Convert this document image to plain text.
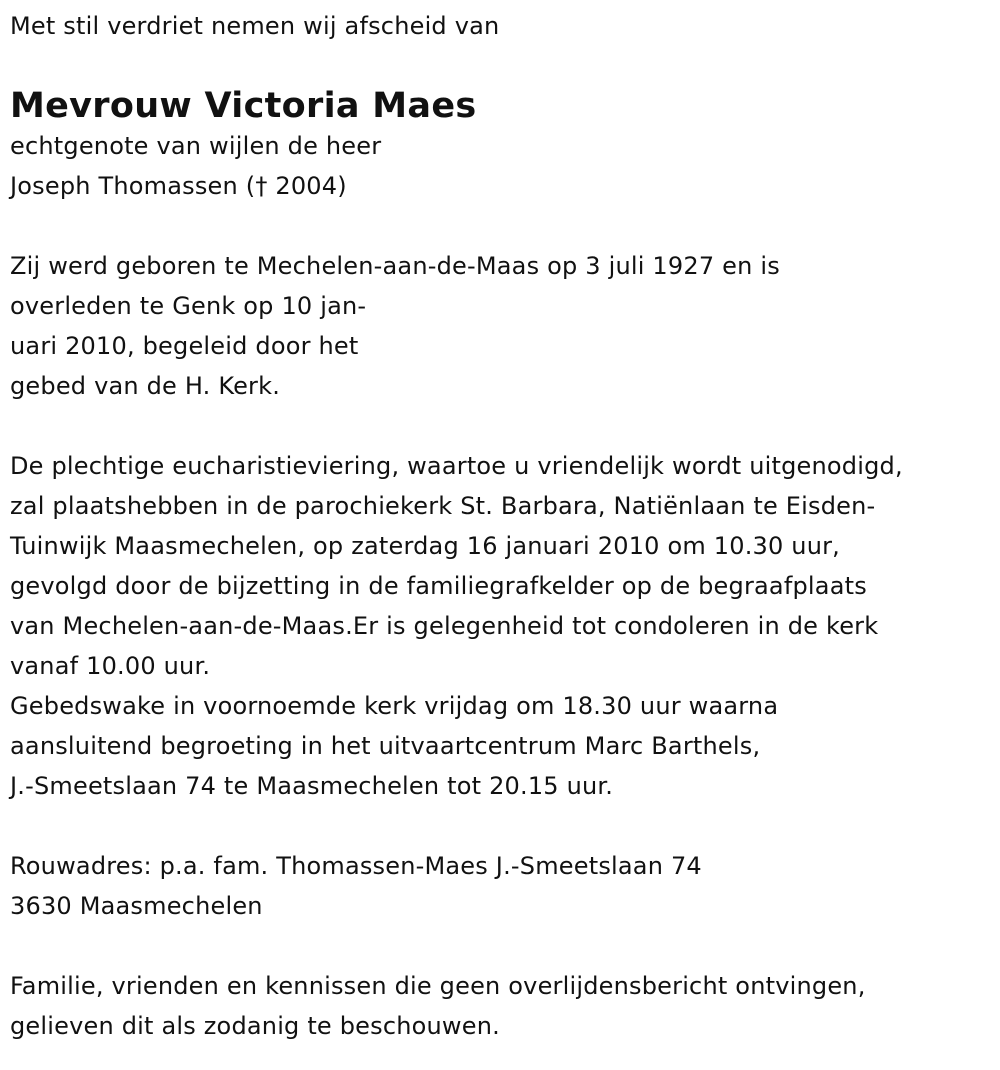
Met stil verdriet nemen wij afscheid van
Mevrouw Victoria Maes
echtgenote van wijlen de heer
Joseph Thomassen († 2004)
Zij werd geboren te Mechelen-aan-de-Maas op 3 juli 1927 en is
overleden te Genk op 10 jan-
uari 2010, begeleid door het
gebed van de H. Kerk.
De plechtige eucharistieviering, waartoe u vriendelijk wordt uitgenodigd,
zal plaatshebben in de parochiekerk St. Barbara, Natiënlaan te Eisden-
Tuinwijk Maasmechelen, op zaterdag 16 januari 2010 om 10.30 uur,
gevolgd door de bijzetting in de familiegrafkelder op de begraafplaats
van Mechelen-aan-de-Maas.Er is gelegenheid tot condoleren in de kerk
vanaf 10.00 uur.
Gebedswake in voornoemde kerk vrijdag om 18.30 uur waarna
aansluitend begroeting in het uitvaartcentrum Marc Barthels,
J.-Smeetslaan 74 te Maasmechelen tot 20.15 uur.
Rouwadres: p.a. fam. Thomassen-Maes J.-Smeetslaan 74
3630 Maasmechelen
Familie, vrienden en kennissen die geen overlijdensbericht ontvingen,
gelieven dit als zodanig te beschouwen.
